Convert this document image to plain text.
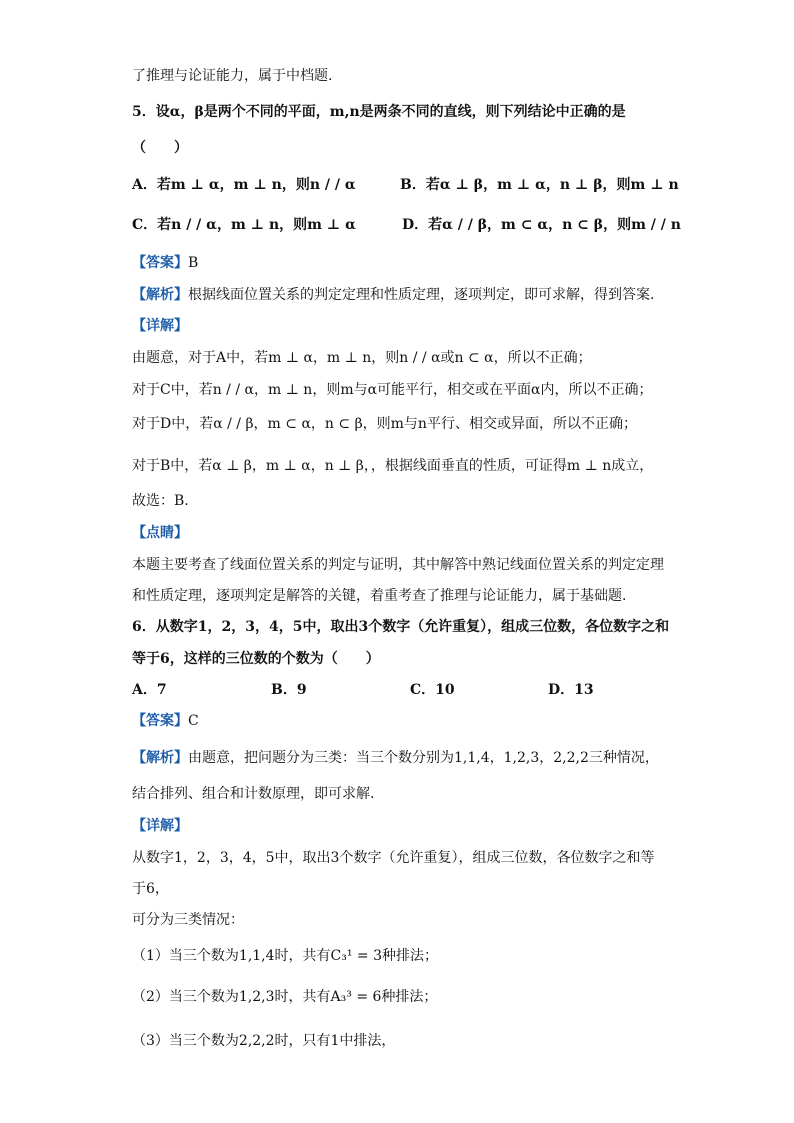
了推理与论证能力，属于中档题.
5．设α，β是两个不同的平面，m,n是两条不同的直线，则下列结论中正确的是
（　　）
A．若m ⊥ α，m ⊥ n，则n / / α	B．若α ⊥ β，m ⊥ α，n ⊥ β，则m ⊥ n
C．若n / / α，m ⊥ n，则m ⊥ α	D．若α / / β，m ⊂ α，n ⊂ β，则m / / n
【答案】B
【解析】根据线面位置关系的判定定理和性质定理，逐项判定，即可求解，得到答案.
【详解】
由题意，对于A中，若m ⊥ α，m ⊥ n，则n / / α或n ⊂ α，所以不正确；
对于C中，若n / / α，m ⊥ n，则m与α可能平行，相交或在平面α内，所以不正确；
对于D中，若α / / β，m ⊂ α，n ⊂ β，则m与n平行、相交或异面，所以不正确；
对于B中，若α ⊥ β，m ⊥ α，n ⊥ β，，根据线面垂直的性质，可证得m ⊥ n成立，
故选：B.
【点睛】
本题主要考查了线面位置关系的判定与证明，其中解答中熟记线面位置关系的判定定理
和性质定理，逐项判定是解答的关键，着重考查了推理与论证能力，属于基础题.
6．从数字1，2，3，4，5中，取出3个数字（允许重复），组成三位数，各位数字之和
等于6，这样的三位数的个数为（　　）
A．7	B．9	C．10	D．13
【答案】C
【解析】由题意，把问题分为三类：当三个数分别为1,1,4，1,2,3，2,2,2三种情况，
结合排列、组合和计数原理，即可求解.
【详解】
从数字1，2，3，4，5中，取出3个数字（允许重复），组成三位数，各位数字之和等
于6，
可分为三类情况：
（1）当三个数为1,1,4时，共有C₃¹ = 3种排法；
（2）当三个数为1,2,3时，共有A₃³ = 6种排法；
（3）当三个数为2,2,2时，只有1中排法，
